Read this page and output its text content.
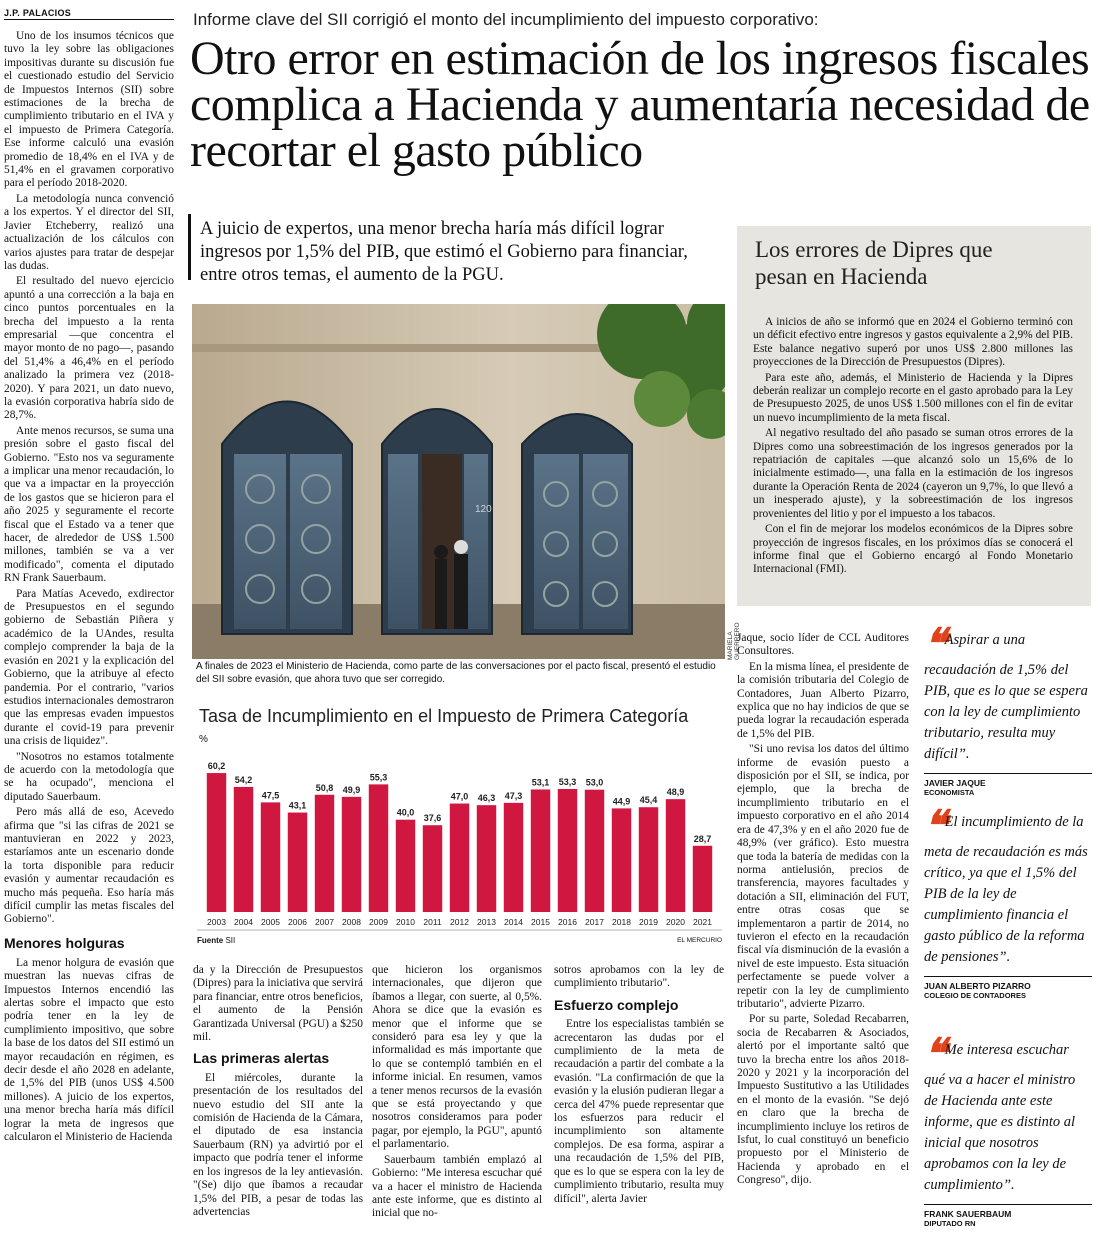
J.P. PALACIOS

Uno de los insumos técnicos que tuvo la ley sobre las obligaciones impositivas durante su discusión fue el cuestionado estudio del Servicio de Impuestos Internos (SII) sobre estimaciones de la brecha de cumplimiento tributario en el IVA y el impuesto de Primera Categoría. Ese informe calculó una evasión promedio de 18,4% en el IVA y de 51,4% en el gravamen corporativo para el período 2018-2020.

La metodología nunca convenció a los expertos. Y el director del SII, Javier Etcheberry, realizó una actualización de los cálculos con varios ajustes para tratar de despejar las dudas.

El resultado del nuevo ejercicio apuntó a una corrección a la baja en cinco puntos porcentuales en la brecha del impuesto a la renta empresarial —que concentra el mayor monto de no pago—, pasando del 51,4% a 46,4% en el período analizado la primera vez (2018-2020). Y para 2021, un dato nuevo, la evasión corporativa habría sido de 28,7%.

Ante menos recursos, se suma una presión sobre el gasto fiscal del Gobierno. "Esto nos va seguramente a implicar una menor recaudación, lo que va a impactar en la proyección de los gastos que se hicieron para el año 2025 y seguramente el recorte fiscal que el Estado va a tener que hacer, de alrededor de US$ 1.500 millones, también se va a ver modificado", comenta el diputado RN Frank Sauerbaum.

Para Matías Acevedo, exdirector de Presupuestos en el segundo gobierno de Sebastián Piñera y académico de la UAndes, resulta complejo comprender la baja de la evasión en 2021 y la explicación del Gobierno, que la atribuye al efecto pandemia. Por el contrario, "varios estudios internacionales demostraron que las empresas evaden impuestos durante el covid-19 para prevenir una crisis de liquidez".

"Nosotros no estamos totalmente de acuerdo con la metodología que se ha ocupado", menciona el diputado Sauerbaum.

Pero más allá de eso, Acevedo afirma que "si las cifras de 2021 se mantuvieran en 2022 y 2023, estaríamos ante un escenario donde la torta disponible para reducir evasión y aumentar recaudación es mucho más pequeña. Eso haría más difícil cumplir las metas fiscales del Gobierno".

Menores holguras

La menor holgura de evasión que muestran las nuevas cifras de Impuestos Internos encendió las alertas sobre el impacto que esto podría tener en la ley de cumplimiento impositivo, que sobre la base de los datos del SII estimó un mayor recaudación en régimen, es decir desde el año 2028 en adelante, de 1,5% del PIB (unos US$ 4.500 millones). A juicio de los expertos, una menor brecha haría más difícil lograr la meta de ingresos que calcularon el Ministerio de Hacienda

Informe clave del SII corrigió el monto del incumplimiento del impuesto corporativo:
Otro error en estimación de los ingresos fiscales complica a Hacienda y aumentaría necesidad de recortar el gasto público
A juicio de expertos, una menor brecha haría más difícil lograr ingresos por 1,5% del PIB, que estimó el Gobierno para financiar, entre otros temas, el aumento de la PGU.
120
MARIELA GUERRERO
A finales de 2023 el Ministerio de Hacienda, como parte de las conversaciones por el pacto fiscal, presentó el estudio del SII sobre evasión, que ahora tuvo que ser corregido.
Tasa de Incumplimiento en el Impuesto de Primera Categoría
%
60,2
2003
54,2
2004
47,5
2005
43,1
2006
50,8
2007
49,9
2008
55,3
2009
40,0
2010
37,6
2011
47,0
2012
46,3
2013
47,3
2014
53,1
2015
53,3
2016
53,0
2017
44,9
2018
45,4
2019
48,9
2020
28,7
2021
Fuente SII	EL MERCURIO

da y la Dirección de Presupuestos (Dipres) para la iniciativa que servirá para financiar, entre otros beneficios, el aumento de la Pensión Garantizada Universal (PGU) a $250 mil.

Las primeras alertas

El miércoles, durante la presentación de los resultados del nuevo estudio del SII ante la comisión de Hacienda de la Cámara, el diputado de esa instancia Sauerbaum (RN) ya advirtió por el impacto que podría tener el informe en los ingresos de la ley antievasión. "(Se) dijo que íbamos a recaudar 1,5% del PIB, a pesar de todas las advertencias

que hicieron los organismos internacionales, que dijeron que íbamos a llegar, con suerte, al 0,5%. Ahora se dice que la evasión es menor que el informe que se consideró para esa ley y que la informalidad es más importante que lo que se contempló también en el informe inicial. En resumen, vamos a tener menos recursos de la evasión que se está proyectando y que nosotros consideramos para poder pagar, por ejemplo, la PGU", apuntó el parlamentario.

Sauerbaum también emplazó al Gobierno: "Me interesa escuchar qué va a hacer el ministro de Hacienda ante este informe, que es distinto al inicial que no-

sotros aprobamos con la ley de cumplimiento tributario".

Esfuerzo complejo

Entre los especialistas también se acrecentaron las dudas por el cumplimiento de la meta de recaudación a partir del combate a la evasión. "La confirmación de que la evasión y la elusión pudieran llegar a cerca del 47% puede representar que los esfuerzos para reducir el incumplimiento son altamente complejos. De esa forma, aspirar a una recaudación de 1,5% del PIB, que es lo que se espera con la ley de cumplimiento tributario, resulta muy difícil", alerta Javier

Jaque, socio líder de CCL Auditores Consultores.

En la misma línea, el presidente de la comisión tributaria del Colegio de Contadores, Juan Alberto Pizarro, explica que no hay indicios de que se pueda lograr la recaudación esperada de 1,5% del PIB.

"Si uno revisa los datos del último informe de evasión puesto a disposición por el SII, se indica, por ejemplo, que la brecha de incumplimiento tributario en el impuesto corporativo en el año 2014 era de 47,3% y en el año 2020 fue de 48,9% (ver gráfico). Esto muestra que toda la batería de medidas con la norma antielusión, precios de transferencia, mayores facultades y dotación a SII, eliminación del FUT, entre otras cosas que se implementaron a partir de 2014, no tuvieron el efecto en la recaudación fiscal vía disminución de la evasión a nivel de este impuesto. Esta situación perfectamente se puede volver a repetir con la ley de cumplimiento tributario", advierte Pizarro.

Por su parte, Soledad Recabarren, socia de Recabarren & Asociados, alertó por el importante saltó que tuvo la brecha entre los años 2018-2020 y 2021 y la incorporación del Impuesto Sustitutivo a las Utilidades en el monto de la evasión. "Se dejó en claro que la brecha de incumplimiento incluye los retiros de Isfut, lo cual constituyó un beneficio propuesto por el Ministerio de Hacienda y aprobado en el Congreso", dijo.

Los errores de Dipres que pesan en Hacienda

A inicios de año se informó que en 2024 el Gobierno terminó con un déficit efectivo entre ingresos y gastos equivalente a 2,9% del PIB. Este balance negativo superó por unos US$ 2.800 millones las proyecciones de la Dirección de Presupuestos (Dipres).

Para este año, además, el Ministerio de Hacienda y la Dipres deberán realizar un complejo recorte en el gasto aprobado para la Ley de Presupuesto 2025, de unos US$ 1.500 millones con el fin de evitar un nuevo incumplimiento de la meta fiscal.

Al negativo resultado del año pasado se suman otros errores de la Dipres como una sobreestimación de los ingresos generados por la repatriación de capitales —que alcanzó solo un 15,6% de lo inicialmente estimado—, una falla en la estimación de los ingresos durante la Operación Renta de 2024 (cayeron un 9,7%, lo que llevó a un inesperado ajuste), y la sobreestimación de los ingresos provenientes del litio y por el impuesto a los tabacos.

Con el fin de mejorar los modelos económicos de la Dipres sobre proyección de ingresos fiscales, en los próximos días se conocerá el informe final que el Gobierno encargó al Fondo Monetario Internacional (FMI).

❝ Aspirar a una recaudación de 1,5% del PIB, que es lo que se espera con la ley de cumplimiento tributario, resulta muy difícil”.
JAVIER JAQUE
ECONOMISTA
❝ El incumplimiento de la meta de recaudación es más crítico, ya que el 1,5% del PIB de la ley de cumplimiento financia el gasto público de la reforma de pensiones”.
JUAN ALBERTO PIZARRO
COLEGIO DE CONTADORES
❝ Me interesa escuchar qué va a hacer el ministro de Hacienda ante este informe, que es distinto al inicial que nosotros aprobamos con la ley de cumplimiento”.
FRANK SAUERBAUM
DIPUTADO RN
